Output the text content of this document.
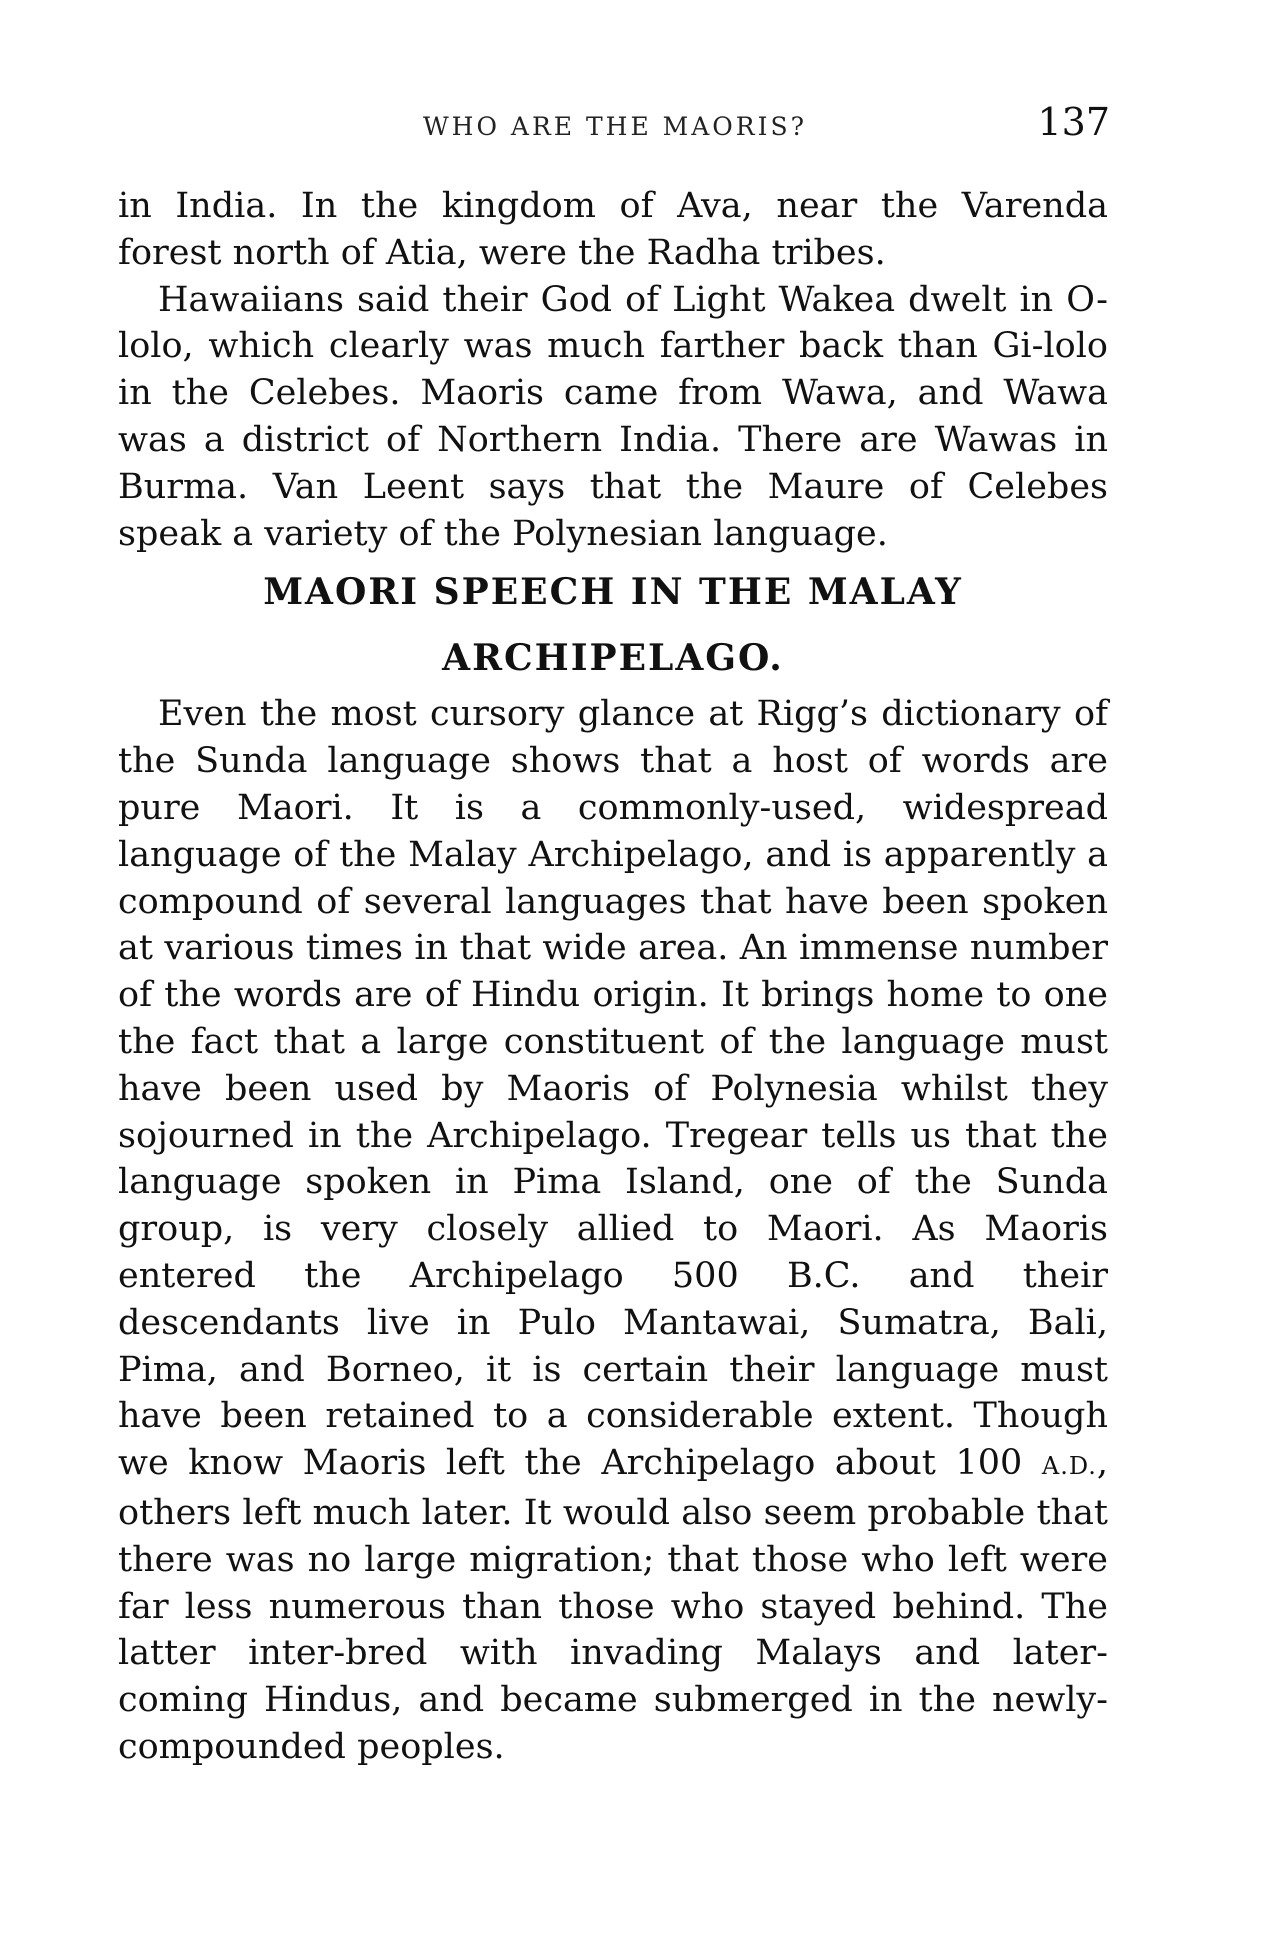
WHO ARE THE MAORIS?	137

in India. In the kingdom of Ava, near the Varenda forest north of Atia, were the Radha tribes.

Hawaiians said their God of Light Wakea dwelt in O-lolo, which clearly was much farther back than Gi-lolo in the Celebes. Maoris came from Wawa, and Wawa was a district of Northern India. There are Wawas in Burma. Van Leent says that the Maure of Celebes speak a variety of the Polynesian language.

MAORI SPEECH IN THE MALAY
ARCHIPELAGO.

Even the most cursory glance at Rigg’s dictionary of the Sunda language shows that a host of words are pure Maori. It is a commonly-used, widespread language of the Malay Archipelago, and is apparently a compound of several languages that have been spoken at various times in that wide area. An immense number of the words are of Hindu origin. It brings home to one the fact that a large constituent of the language must have been used by Maoris of Polynesia whilst they sojourned in the Archipelago. Tregear tells us that the language spoken in Pima Island, one of the Sunda group, is very closely allied to Maori. As Maoris entered the Archipelago 500 B.C. and their descendants live in Pulo Mantawai, Sumatra, Bali, Pima, and Borneo, it is certain their language must have been retained to a considerable extent. Though we know Maoris left the Archipelago about 100 A.D., others left much later. It would also seem probable that there was no large migration; that those who left were far less numerous than those who stayed behind. The latter inter-bred with invading Malays and later-coming Hindus, and became submerged in the newly-compounded peoples.
